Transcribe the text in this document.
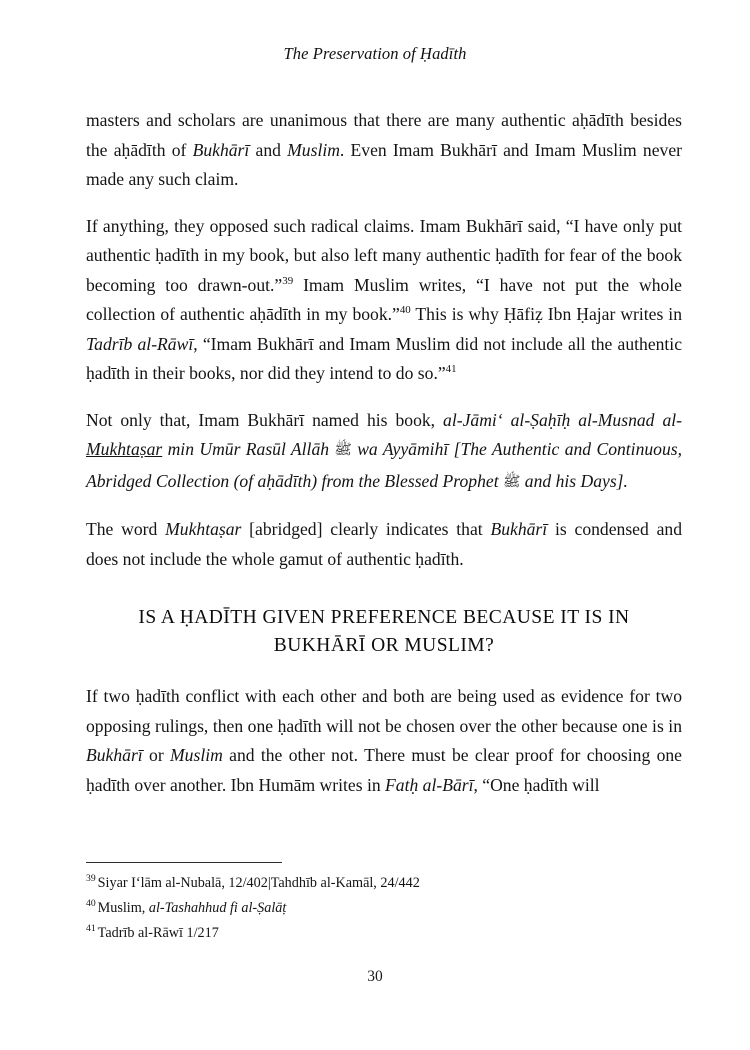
The Preservation of Ḥadīth

masters and scholars are unanimous that there are many authentic aḥādīth besides the aḥādīth of Bukhārī and Muslim. Even Imam Bukhārī and Imam Muslim never made any such claim.

If anything, they opposed such radical claims. Imam Bukhārī said, “I have only put authentic ḥadīth in my book, but also left many authentic ḥadīth for fear of the book becoming too drawn-out.”$^{39}$ Imam Muslim writes, “I have not put the whole collection of authentic aḥādīth in my book.”$^{40}$ This is why Ḥāfiẓ Ibn Ḥajar writes in Tadrīb al-Rāwī, “Imam Bukhārī and Imam Muslim did not include all the authentic ḥadīth in their books, nor did they intend to do so.”$^{41}$

Not only that, Imam Bukhārī named his book, al-Jāmi‘ al-Ṣaḥīḥ al-Musnad al-Mukhtaṣar min Umūr Rasūl Allāh ﷺ wa Ayyāmihī [The Authentic and Continuous, Abridged Collection (of aḥādīth) from the Blessed Prophet ﷺ and his Days].

The word Mukhtaṣar [abridged] clearly indicates that Bukhārī is condensed and does not include the whole gamut of authentic ḥadīth.

IS A ḤADĪTH GIVEN PREFERENCE BECAUSE IT IS IN BUKHĀRĪ OR MUSLIM?

If two ḥadīth conflict with each other and both are being used as evidence for two opposing rulings, then one ḥadīth will not be chosen over the other because one is in Bukhārī or Muslim and the other not. There must be clear proof for choosing one ḥadīth over another. Ibn Humām writes in Fatḥ al-Bārī, “One ḥadīth will

$^{39}$ Siyar I‘lām al-Nubalā, 12/402|Tahdhīb al-Kamāl, 24/442
$^{40}$ Muslim, al-Tashahhud fi al-Ṣalāṭ
$^{41}$ Tadrīb al-Rāwī 1/217
30
